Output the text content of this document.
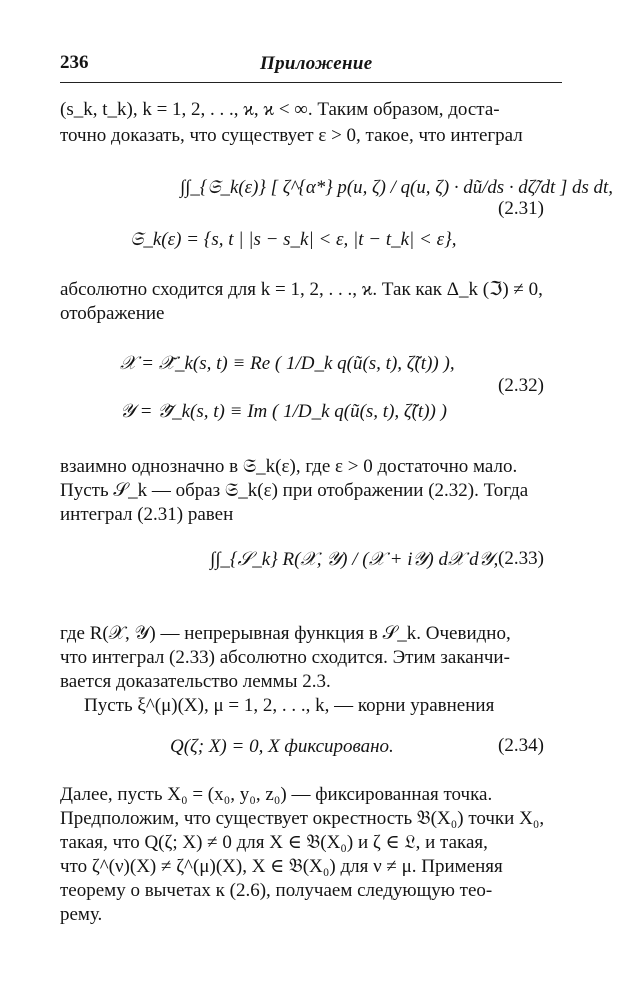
236	Приложение
(s_k, t_k), k = 1, 2, . . ., ϰ, ϰ < ∞. Таким образом, доста-
точно доказать, что существует ε > 0, такое, что интеграл
∫∫_{𝔖_k(ε)} [ ζ^{α*} p(u, ζ) / q(u, ζ) · dũ/ds · dζ̃/dt ] ds dt,
(2.31)
𝔖_k(ε) = {s, t | |s − s_k| < ε, |t − t_k| < ε},
абсолютно сходится для k = 1, 2, . . ., ϰ. Так как Δ_k (ℑ) ≠ 0,
отображение
𝒳 = 𝒳̃_k(s, t) ≡ Re ( 1/D_k q(ũ(s, t), ζ̃(t)) ),
(2.32)
𝒴 = 𝒴̃_k(s, t) ≡ Im ( 1/D_k q(ũ(s, t), ζ̃(t)) )
взаимно однозначно в 𝔖_k(ε), где ε > 0 достаточно мало.
Пусть 𝒮_k — образ 𝔖_k(ε) при отображении (2.32). Тогда
интеграл (2.31) равен
∫∫_{𝒮_k} R(𝒳, 𝒴) / (𝒳 + i𝒴) d𝒳 d𝒴, (2.33)
где R(𝒳, 𝒴) — непрерывная функция в 𝒮_k. Очевидно,
что интеграл (2.33) абсолютно сходится. Этим заканчи-
вается доказательство леммы 2.3.
Пусть ξ^(μ)(X), μ = 1, 2, . . ., k, — корни уравнения
Q(ζ; X) = 0, X фиксировано.	(2.34)
Далее, пусть X₀ = (x₀, y₀, z₀) — фиксированная точка.
Предположим, что существует окрестность 𝔅(X₀) точки X₀,
такая, что Q(ζ; X) ≠ 0 для X ∈ 𝔅(X₀) и ζ ∈ 𝔏, и такая,
что ζ^(ν)(X) ≠ ζ^(μ)(X), X ∈ 𝔅(X₀) для ν ≠ μ. Применяя
теорему о вычетах к (2.6), получаем следующую тео-
рему.
